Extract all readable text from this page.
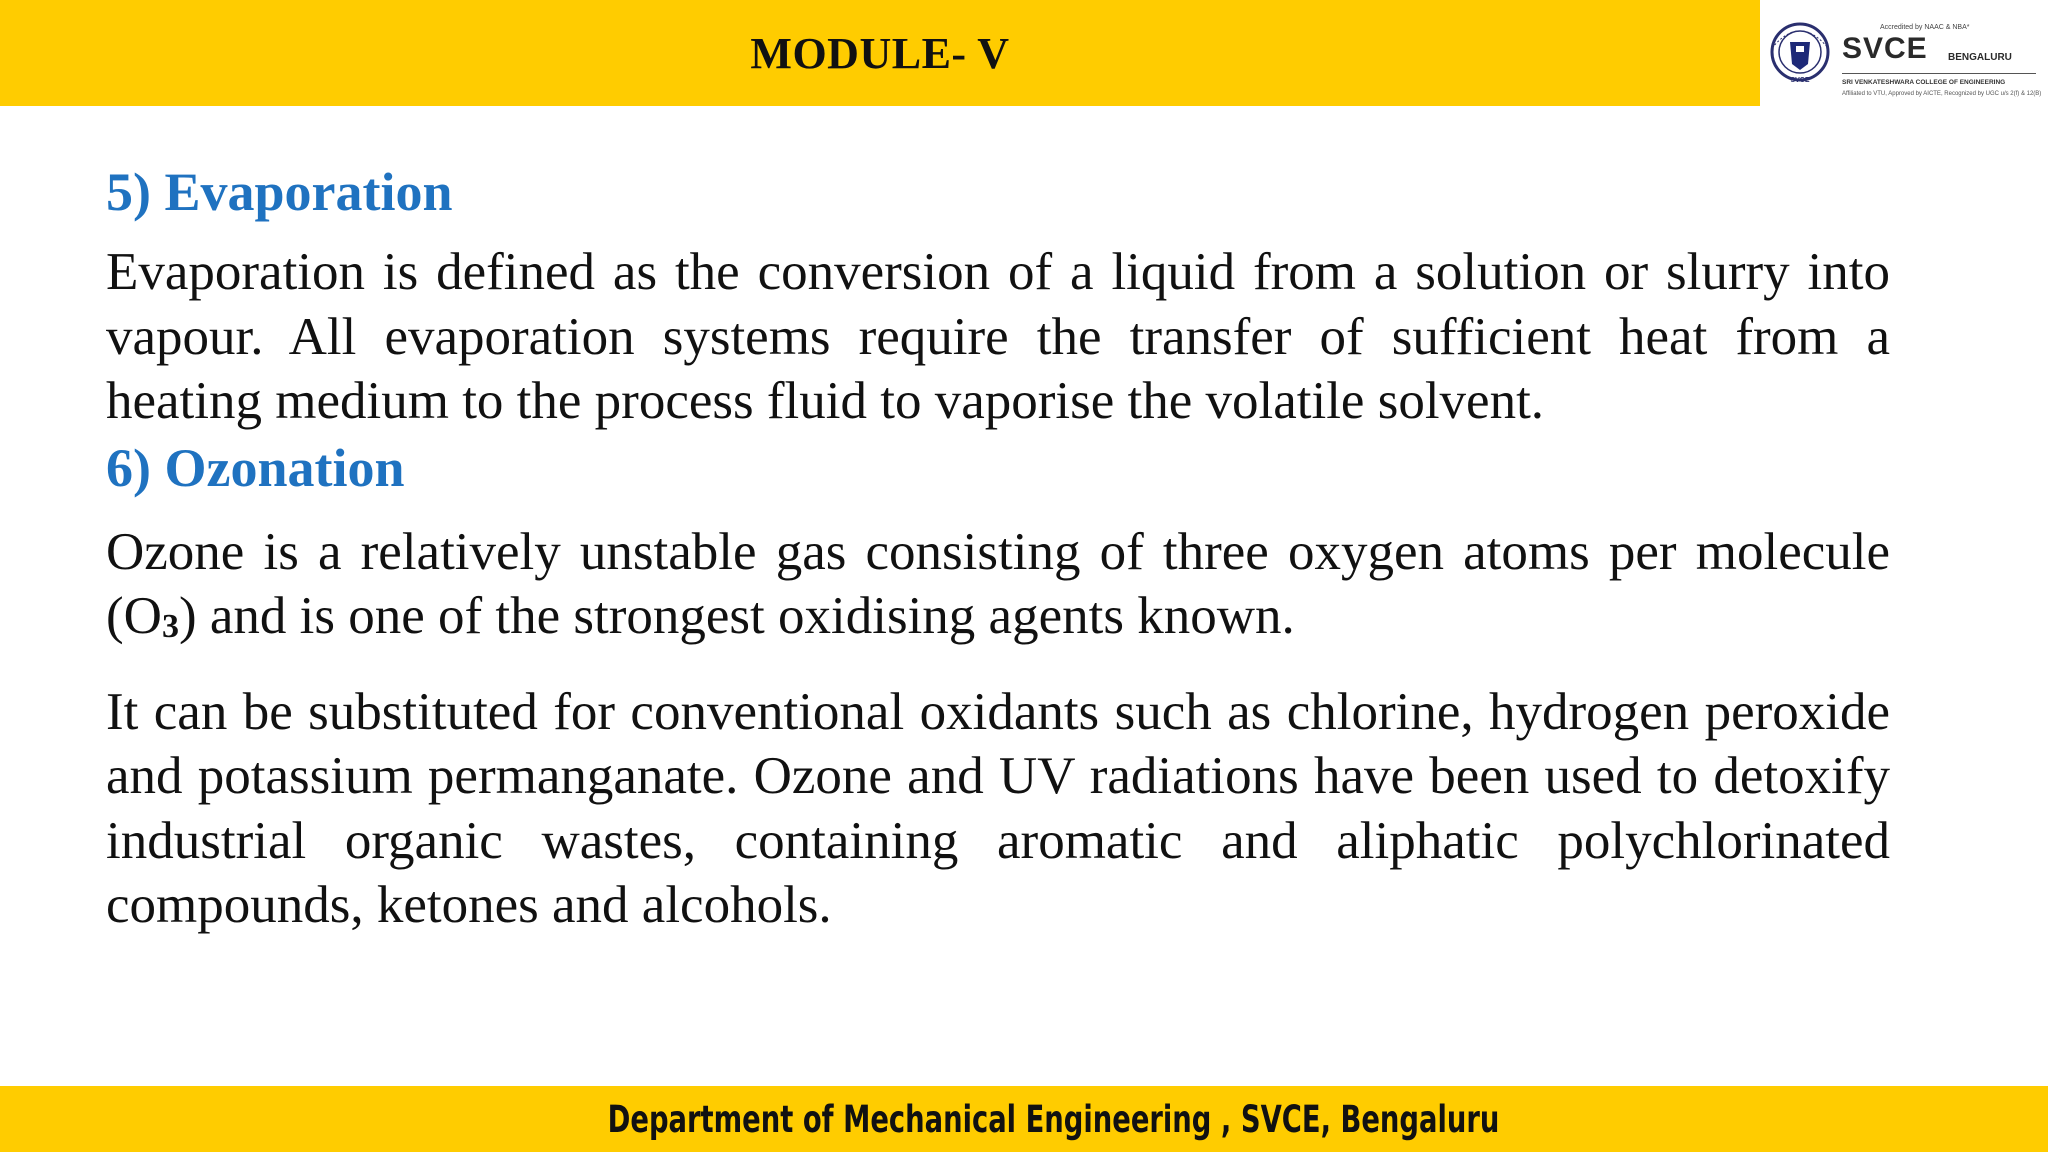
MODULE- V
SVCE
Accredited by NAAC & NBA*
SVCE BENGALURU
SRI VENKATESHWARA COLLEGE OF ENGINEERING
Affiliated to VTU, Approved by AICTE, Recognized by UGC u/s 2(f) & 12(B)
5) Evaporation

Evaporation is defined as the conversion of a liquid from a solution or slurry into vapour. All evaporation systems require the transfer of sufficient heat from a heating medium to the process fluid to vaporise the volatile solvent.

6) Ozonation

Ozone is a relatively unstable gas consisting of three oxygen atoms per molecule (O3) and is one of the strongest oxidising agents known.

It can be substituted for conventional oxidants such as chlorine, hydrogen peroxide and potassium permanganate. Ozone and UV radiations have been used to detoxify industrial organic wastes, containing aromatic and aliphatic polychlorinated compounds, ketones and alcohols.

Department of Mechanical Engineering , SVCE, Bengaluru
